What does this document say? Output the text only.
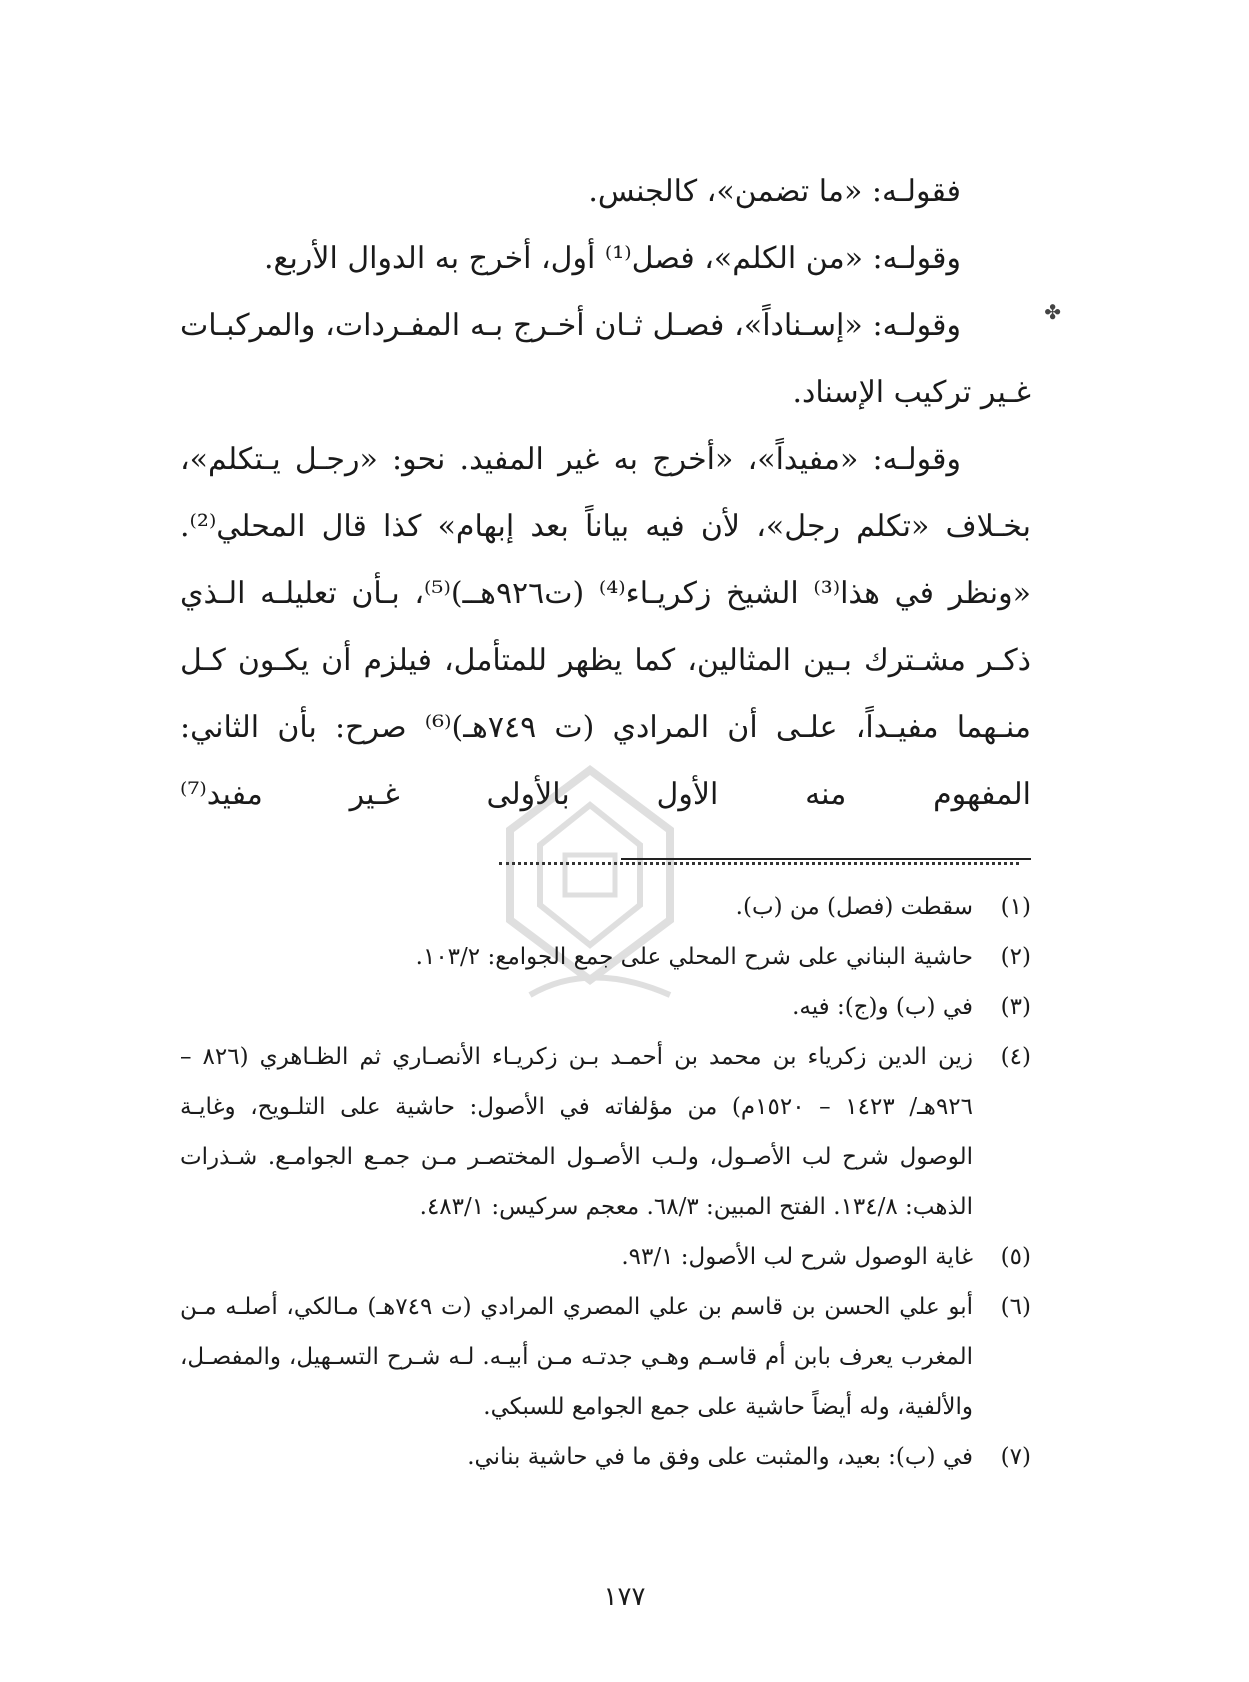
فقولـه: «ما تضمن»، كالجنس.

وقولـه: «من الكلم»، فصل⁽¹⁾ أول، أخرج به الدوال الأربع.

وقولـه: «إسـناداً»، فصـل ثـان أخـرج بـه المفـردات، والمركبـات غـير تركيب الإسناد.

وقولـه: «مفيداً»، «أخرج به غير المفيد. نحو: «رجـل يـتكلم»، بخـلاف «تكلم رجل»، لأن فيه بياناً بعد إبهام» كذا قال المحلي⁽²⁾. «ونظر في هذا⁽³⁾ الشيخ زكريـاء⁽⁴⁾ (ت٩٢٦هــ)⁽⁵⁾، بـأن تعليلـه الـذي ذكـر مشـترك بـين المثالين، كما يظهر للمتأمل، فيلزم أن يكـون كـل منـهما مفيـداً، علـى أن المرادي (ت ٧٤٩هـ)⁽⁶⁾ صرح: بأن الثاني: المفهوم منه الأول بالأولى غـير مفيد⁽⁷⁾

✤

(١)
سقطت (فصل) من (ب).

(٢)
حاشية البناني على شرح المحلي على جمع الجوامع: ١٠٣/٢.

(٣)
في (ب) و(ج): فيه.

(٤)
زين الدين زكرياء بن محمد بن أحمـد بـن زكريـاء الأنصـاري ثم الظـاهري (٨٢٦ – ٩٢٦هـ/ ١٤٢٣ – ١٥٢٠م) من مؤلفاته في الأصول: حاشية على التلـويح، وغايـة الوصول شرح لب الأصـول، ولـب الأصـول المختصـر مـن جمـع الجوامـع. شـذرات الذهب: ١٣٤/٨. الفتح المبين: ٦٨/٣. معجم سركيس: ٤٨٣/١.

(٥)
غاية الوصول شرح لب الأصول: ٩٣/١.

(٦)
أبو علي الحسن بن قاسم بن علي المصري المرادي (ت ٧٤٩هـ) مـالكي، أصلـه مـن المغرب يعرف بابن أم قاسـم وهـي جدتـه مـن أبيـه. لـه شـرح التسـهيل، والمفصـل، والألفية، وله أيضاً حاشية على جمع الجوامع للسبكي.

(٧)
في (ب): بعيد، والمثبت على وفق ما في حاشية بناني.

١٧٧
